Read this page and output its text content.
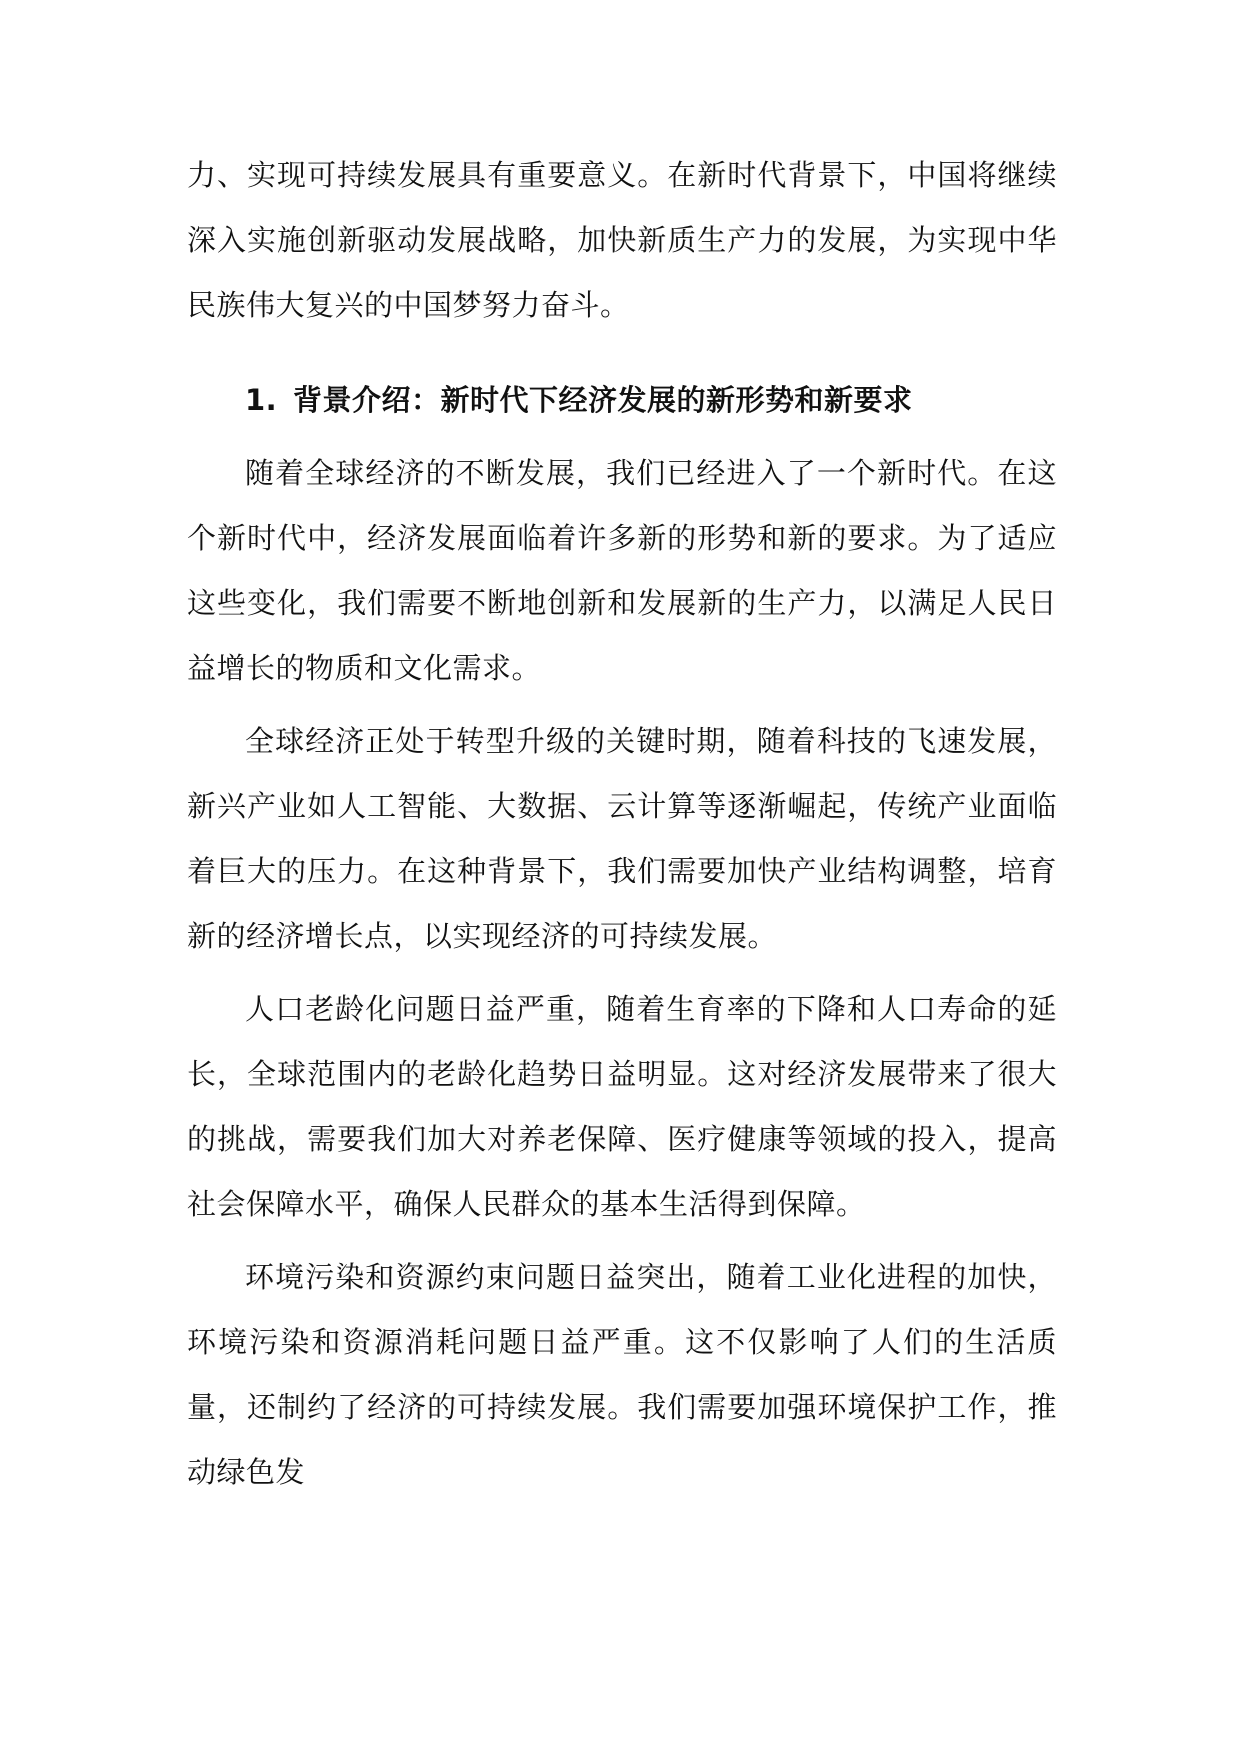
力、实现可持续发展具有重要意义。在新时代背景下，中国将继续深入实施创新驱动发展战略，加快新质生产力的发展，为实现中华民族伟大复兴的中国梦努力奋斗。

1. 背景介绍：新时代下经济发展的新形势和新要求

随着全球经济的不断发展，我们已经进入了一个新时代。在这个新时代中，经济发展面临着许多新的形势和新的要求。为了适应这些变化，我们需要不断地创新和发展新的生产力，以满足人民日益增长的物质和文化需求。

全球经济正处于转型升级的关键时期，随着科技的飞速发展，新兴产业如人工智能、大数据、云计算等逐渐崛起，传统产业面临着巨大的压力。在这种背景下，我们需要加快产业结构调整，培育新的经济增长点，以实现经济的可持续发展。

人口老龄化问题日益严重，随着生育率的下降和人口寿命的延长，全球范围内的老龄化趋势日益明显。这对经济发展带来了很大的挑战，需要我们加大对养老保障、医疗健康等领域的投入，提高社会保障水平，确保人民群众的基本生活得到保障。

环境污染和资源约束问题日益突出，随着工业化进程的加快，环境污染和资源消耗问题日益严重。这不仅影响了人们的生活质量，还制约了经济的可持续发展。我们需要加强环境保护工作，推动绿色发
